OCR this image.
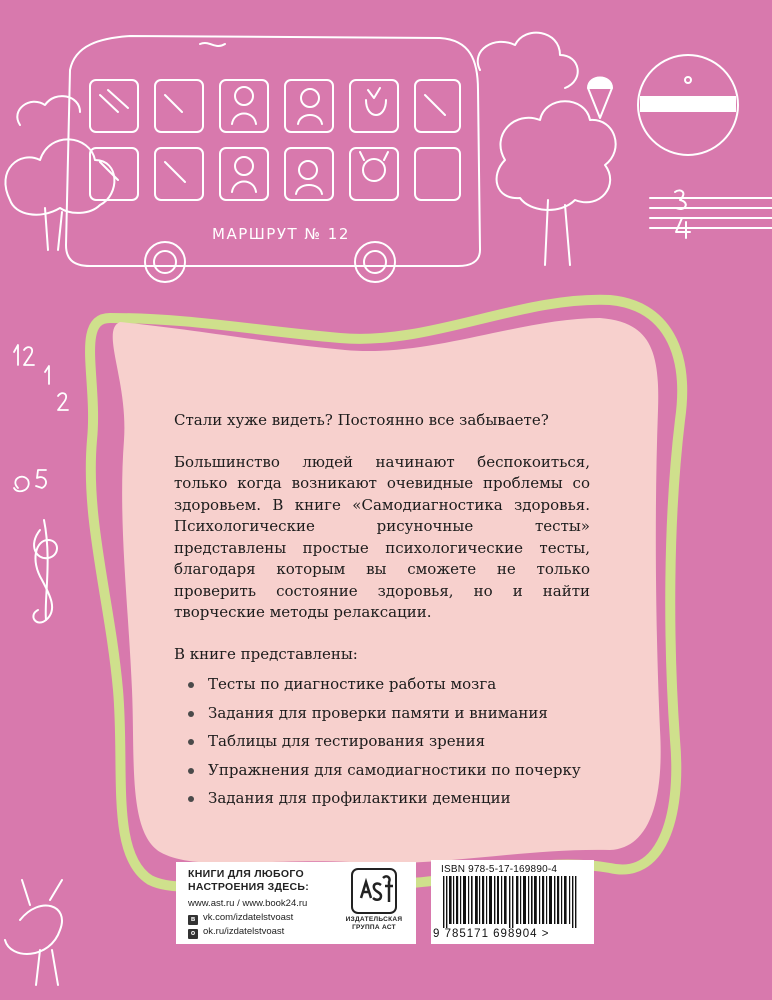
МАРШРУТ № 12

Стали хуже видеть? Постоянно все забываете?

Большинство людей начинают беспокоиться, только когда возникают очевидные проблемы со здоровьем. В книге «Самодиагностика здоровья. Психологические рисуночные тесты» представлены простые психологические тесты, благодаря которым вы сможете не только проверить состояние здоровья, но и найти творческие методы релаксации.

В книге представлены:

Тесты по диагностике работы мозга
Задания для проверки памяти и внимания
Таблицы для тестирования зрения
Упражнения для самодиагностики по почерку
Задания для профилактики деменции
КНИГИ ДЛЯ ЛЮБОГО НАСТРОЕНИЯ ЗДЕСЬ:
www.ast.ru / www.book24.ru
в vk.com/izdatelstvoast
о ok.ru/izdatelstvoast
ИЗДАТЕЛЬСКАЯ ГРУППА АСТ
ISBN 978-5-17-169890-4
9 785171 698904 >
